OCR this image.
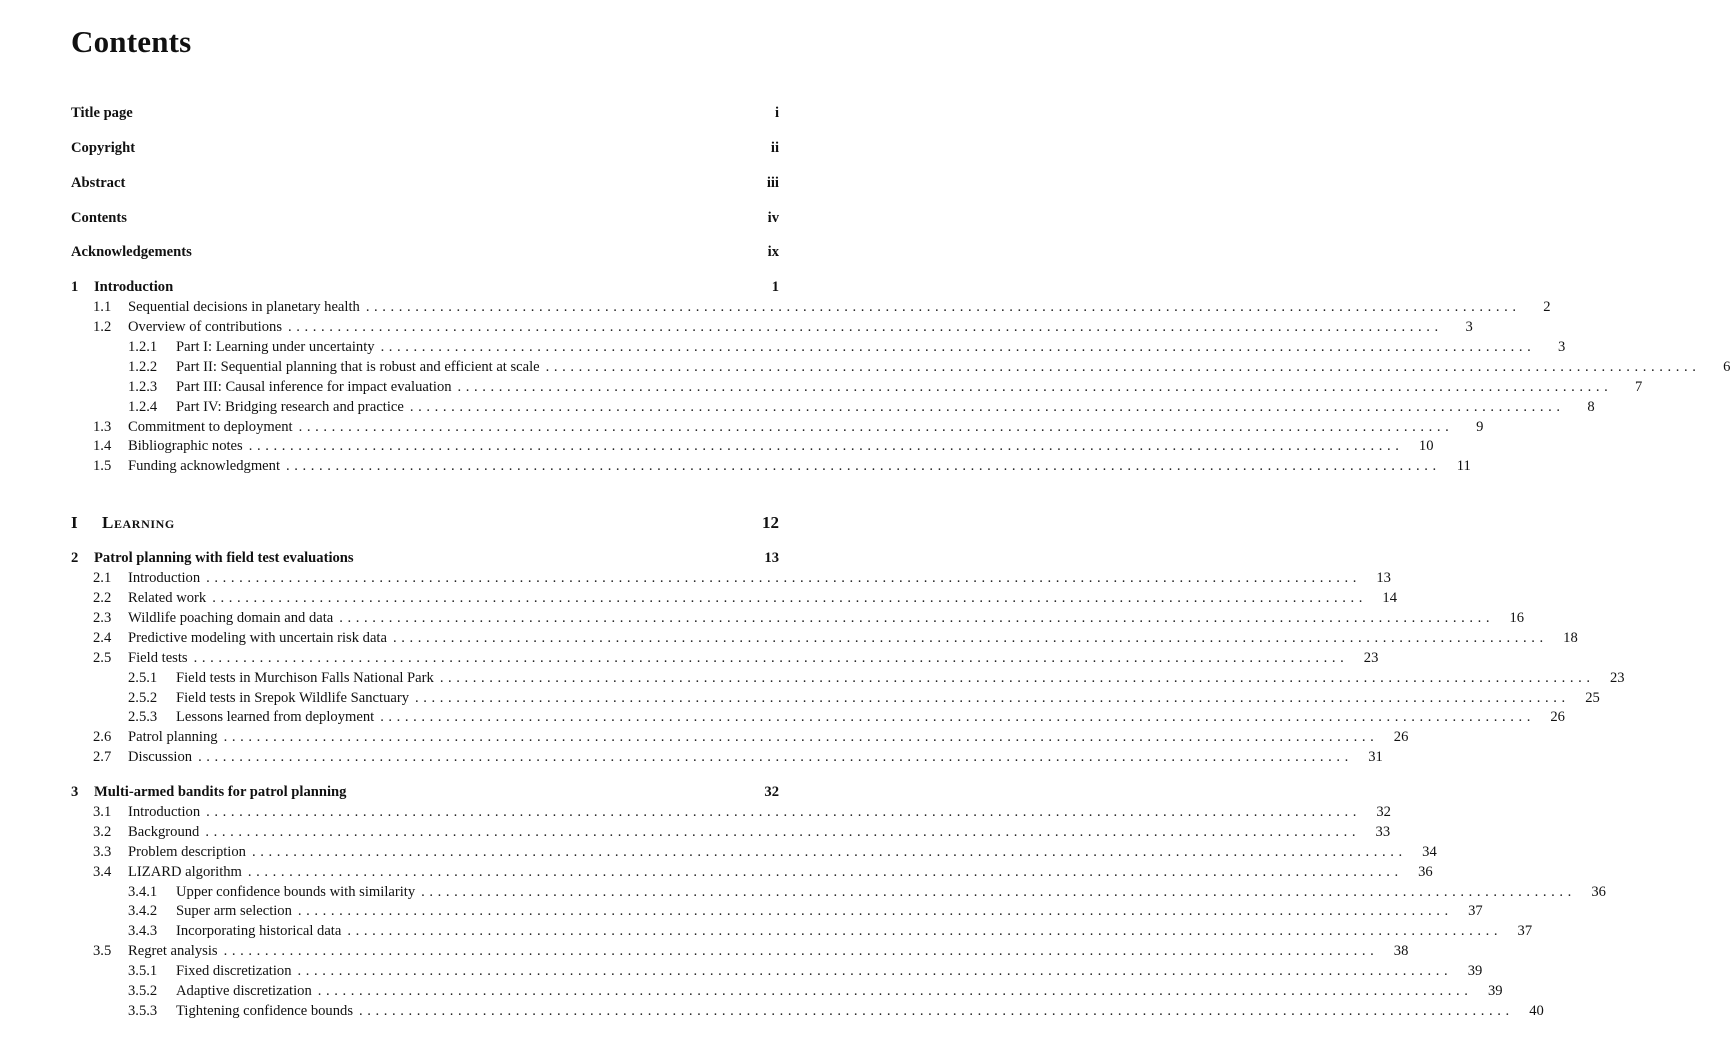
Contents
Title page	i
Copyright	ii
Abstract	iii
Contents	iv
Acknowledgements	ix
1	Introduction	1
1.1	Sequential decisions in planetary health ............................................................................................................................................	2
1.2	Overview of contributions ............................................................................................................................................	3
1.2.1	Part I: Learning under uncertainty ............................................................................................................................................	3
1.2.2	Part II: Sequential planning that is robust and efficient at scale ............................................................................................................................................	6
1.2.3	Part III: Causal inference for impact evaluation ............................................................................................................................................	7
1.2.4	Part IV: Bridging research and practice ............................................................................................................................................	8
1.3	Commitment to deployment ............................................................................................................................................	9
1.4	Bibliographic notes ............................................................................................................................................	10
1.5	Funding acknowledgment ............................................................................................................................................	11
I	Learning	12
2	Patrol planning with field test evaluations	13
2.1	Introduction ............................................................................................................................................	13
2.2	Related work ............................................................................................................................................	14
2.3	Wildlife poaching domain and data ............................................................................................................................................	16
2.4	Predictive modeling with uncertain risk data ............................................................................................................................................	18
2.5	Field tests ............................................................................................................................................	23
2.5.1	Field tests in Murchison Falls National Park ............................................................................................................................................	23
2.5.2	Field tests in Srepok Wildlife Sanctuary ............................................................................................................................................	25
2.5.3	Lessons learned from deployment ............................................................................................................................................	26
2.6	Patrol planning ............................................................................................................................................	26
2.7	Discussion ............................................................................................................................................	31
3	Multi-armed bandits for patrol planning	32
3.1	Introduction ............................................................................................................................................	32
3.2	Background ............................................................................................................................................	33
3.3	Problem description ............................................................................................................................................	34
3.4	LIZARD algorithm ............................................................................................................................................	36
3.4.1	Upper confidence bounds with similarity ............................................................................................................................................	36
3.4.2	Super arm selection ............................................................................................................................................	37
3.4.3	Incorporating historical data ............................................................................................................................................	37
3.5	Regret analysis ............................................................................................................................................	38
3.5.1	Fixed discretization ............................................................................................................................................	39
3.5.2	Adaptive discretization ............................................................................................................................................	39
3.5.3	Tightening confidence bounds ............................................................................................................................................	40
